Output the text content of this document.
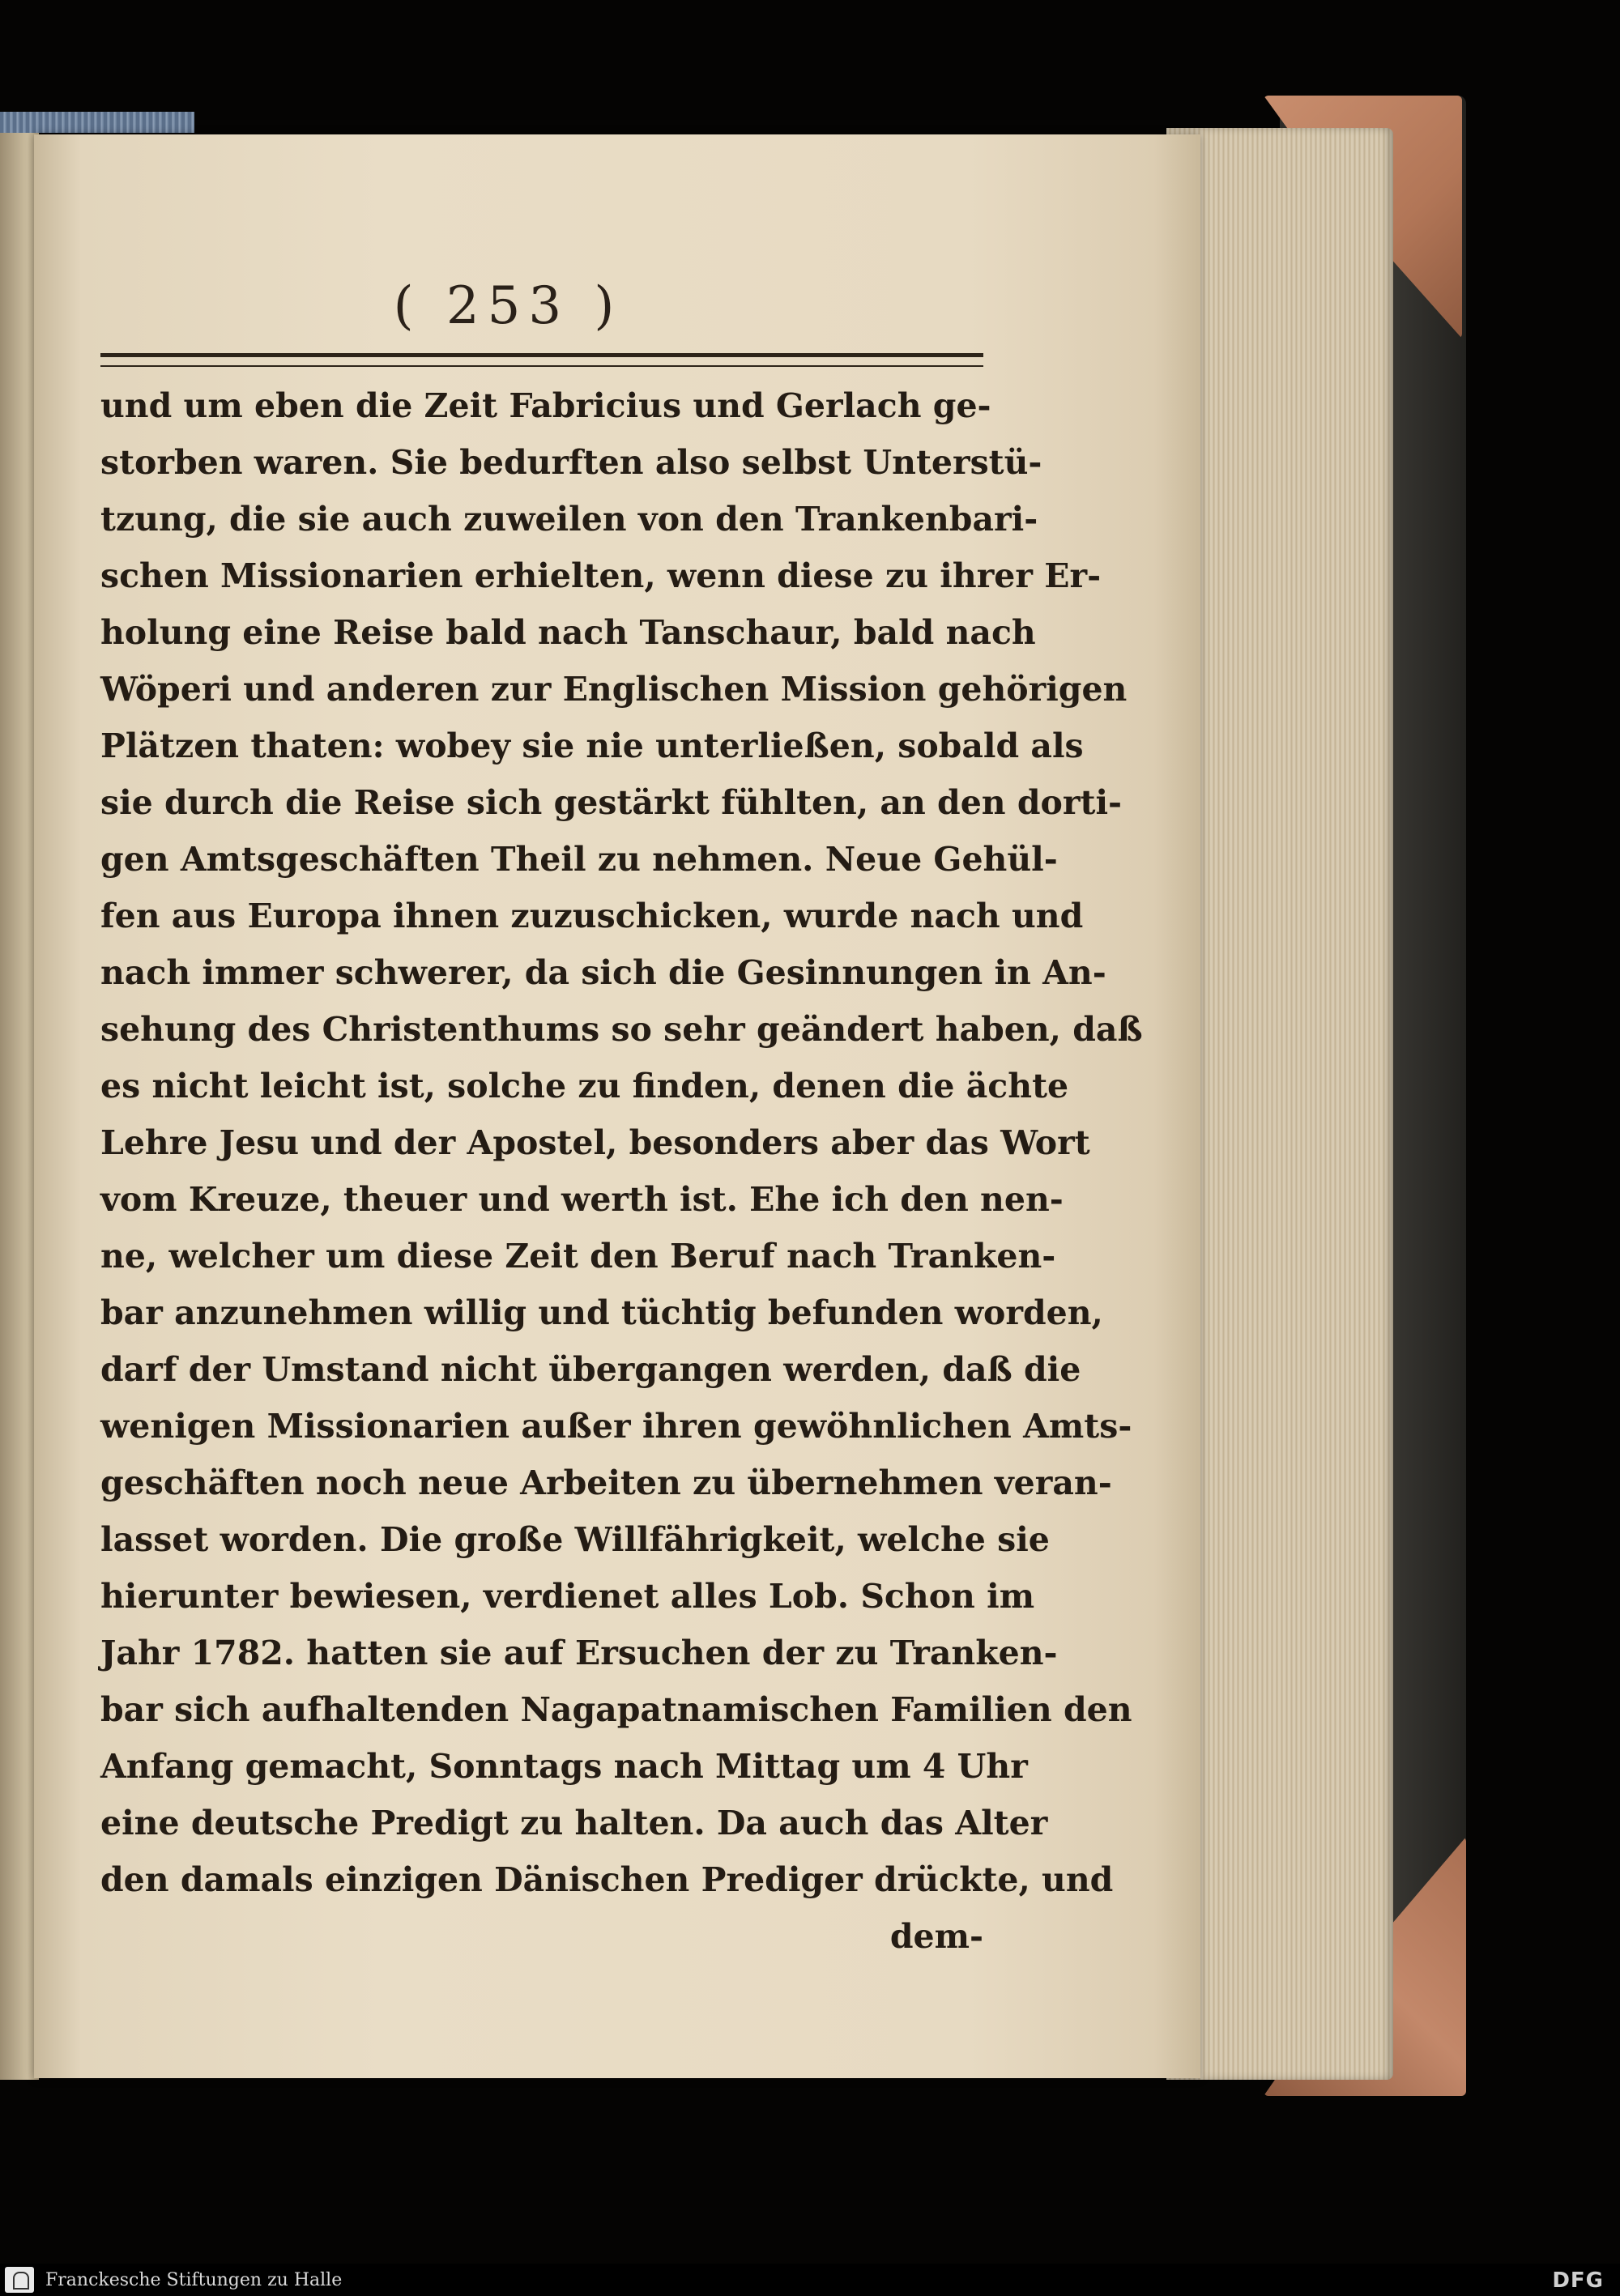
( 253 )
und um eben die Zeit Fabricius und Gerlach ge-
storben waren. Sie bedurften also selbst Unterstü-
tzung, die sie auch zuweilen von den Trankenbari-
schen Missionarien erhielten, wenn diese zu ihrer Er-
holung eine Reise bald nach Tanschaur, bald nach
Wöperi und anderen zur Englischen Mission gehörigen
Plätzen thaten: wobey sie nie unterließen, sobald als
sie durch die Reise sich gestärkt fühlten, an den dorti-
gen Amtsgeschäften Theil zu nehmen. Neue Gehül-
fen aus Europa ihnen zuzuschicken, wurde nach und
nach immer schwerer, da sich die Gesinnungen in An-
sehung des Christenthums so sehr geändert haben, daß
es nicht leicht ist, solche zu finden, denen die ächte
Lehre Jesu und der Apostel, besonders aber das Wort
vom Kreuze, theuer und werth ist. Ehe ich den nen-
ne, welcher um diese Zeit den Beruf nach Tranken-
bar anzunehmen willig und tüchtig befunden worden,
darf der Umstand nicht übergangen werden, daß die
wenigen Missionarien außer ihren gewöhnlichen Amts-
geschäften noch neue Arbeiten zu übernehmen veran-
lasset worden. Die große Willfährigkeit, welche sie
hierunter bewiesen, verdienet alles Lob. Schon im
Jahr 1782. hatten sie auf Ersuchen der zu Tranken-
bar sich aufhaltenden Nagapatnamischen Familien den
Anfang gemacht, Sonntags nach Mittag um 4 Uhr
eine deutsche Predigt zu halten. Da auch das Alter
den damals einzigen Dänischen Prediger drückte, und
dem-
Franckesche Stiftungen zu Halle	DFG
